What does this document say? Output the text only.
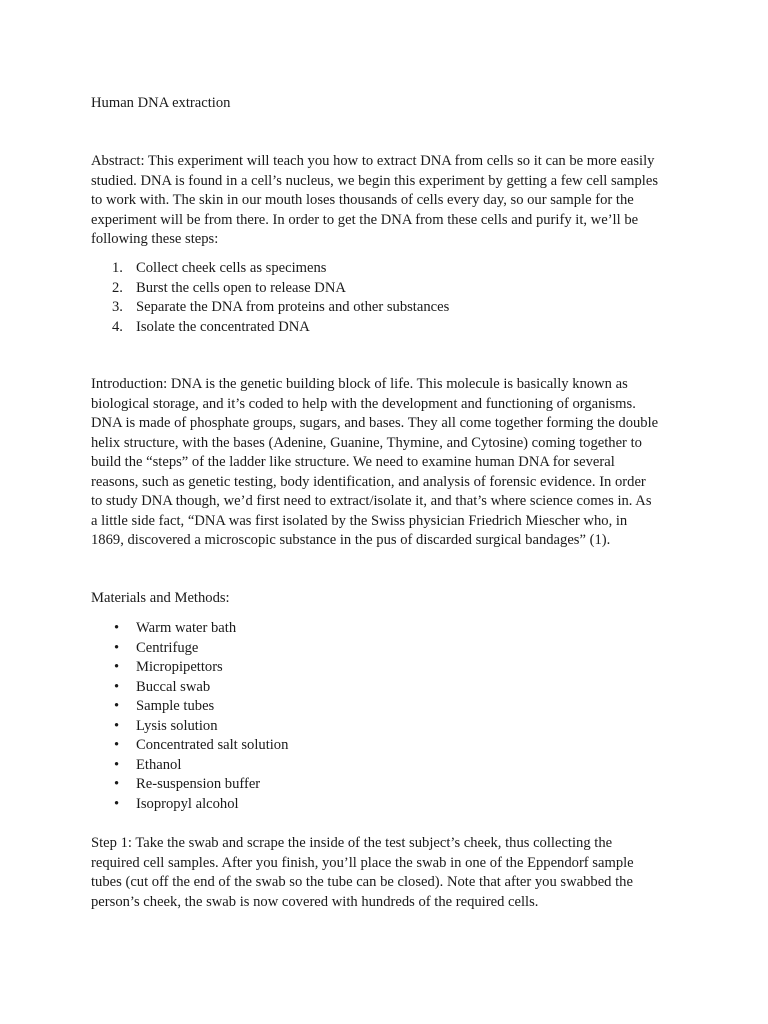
Human DNA extraction
Abstract: This experiment will teach you how to extract DNA from cells so it can be more easily
studied. DNA is found in a cell’s nucleus, we begin this experiment by getting a few cell samples
to work with. The skin in our mouth loses thousands of cells every day, so our sample for the
experiment will be from there. In order to get the DNA from these cells and purify it, we’ll be
following these steps:
1. Collect cheek cells as specimens
2. Burst the cells open to release DNA
3. Separate the DNA from proteins and other substances
4. Isolate the concentrated DNA
Introduction: DNA is the genetic building block of life. This molecule is basically known as
biological storage, and it’s coded to help with the development and functioning of organisms.
DNA is made of phosphate groups, sugars, and bases. They all come together forming the double
helix structure, with the bases (Adenine, Guanine, Thymine, and Cytosine) coming together to
build the “steps” of the ladder like structure. We need to examine human DNA for several
reasons, such as genetic testing, body identification, and analysis of forensic evidence. In order
to study DNA though, we’d first need to extract/isolate it, and that’s where science comes in. As
a little side fact, “DNA was first isolated by the Swiss physician Friedrich Miescher who, in
1869, discovered a microscopic substance in the pus of discarded surgical bandages” (1).
Materials and Methods:
• Warm water bath
• Centrifuge
• Micropipettors
• Buccal swab
• Sample tubes
• Lysis solution
• Concentrated salt solution
• Ethanol
• Re-suspension buffer
• Isopropyl alcohol
Step 1: Take the swab and scrape the inside of the test subject’s cheek, thus collecting the
required cell samples. After you finish, you’ll place the swab in one of the Eppendorf sample
tubes (cut off the end of the swab so the tube can be closed). Note that after you swabbed the
person’s cheek, the swab is now covered with hundreds of the required cells.
